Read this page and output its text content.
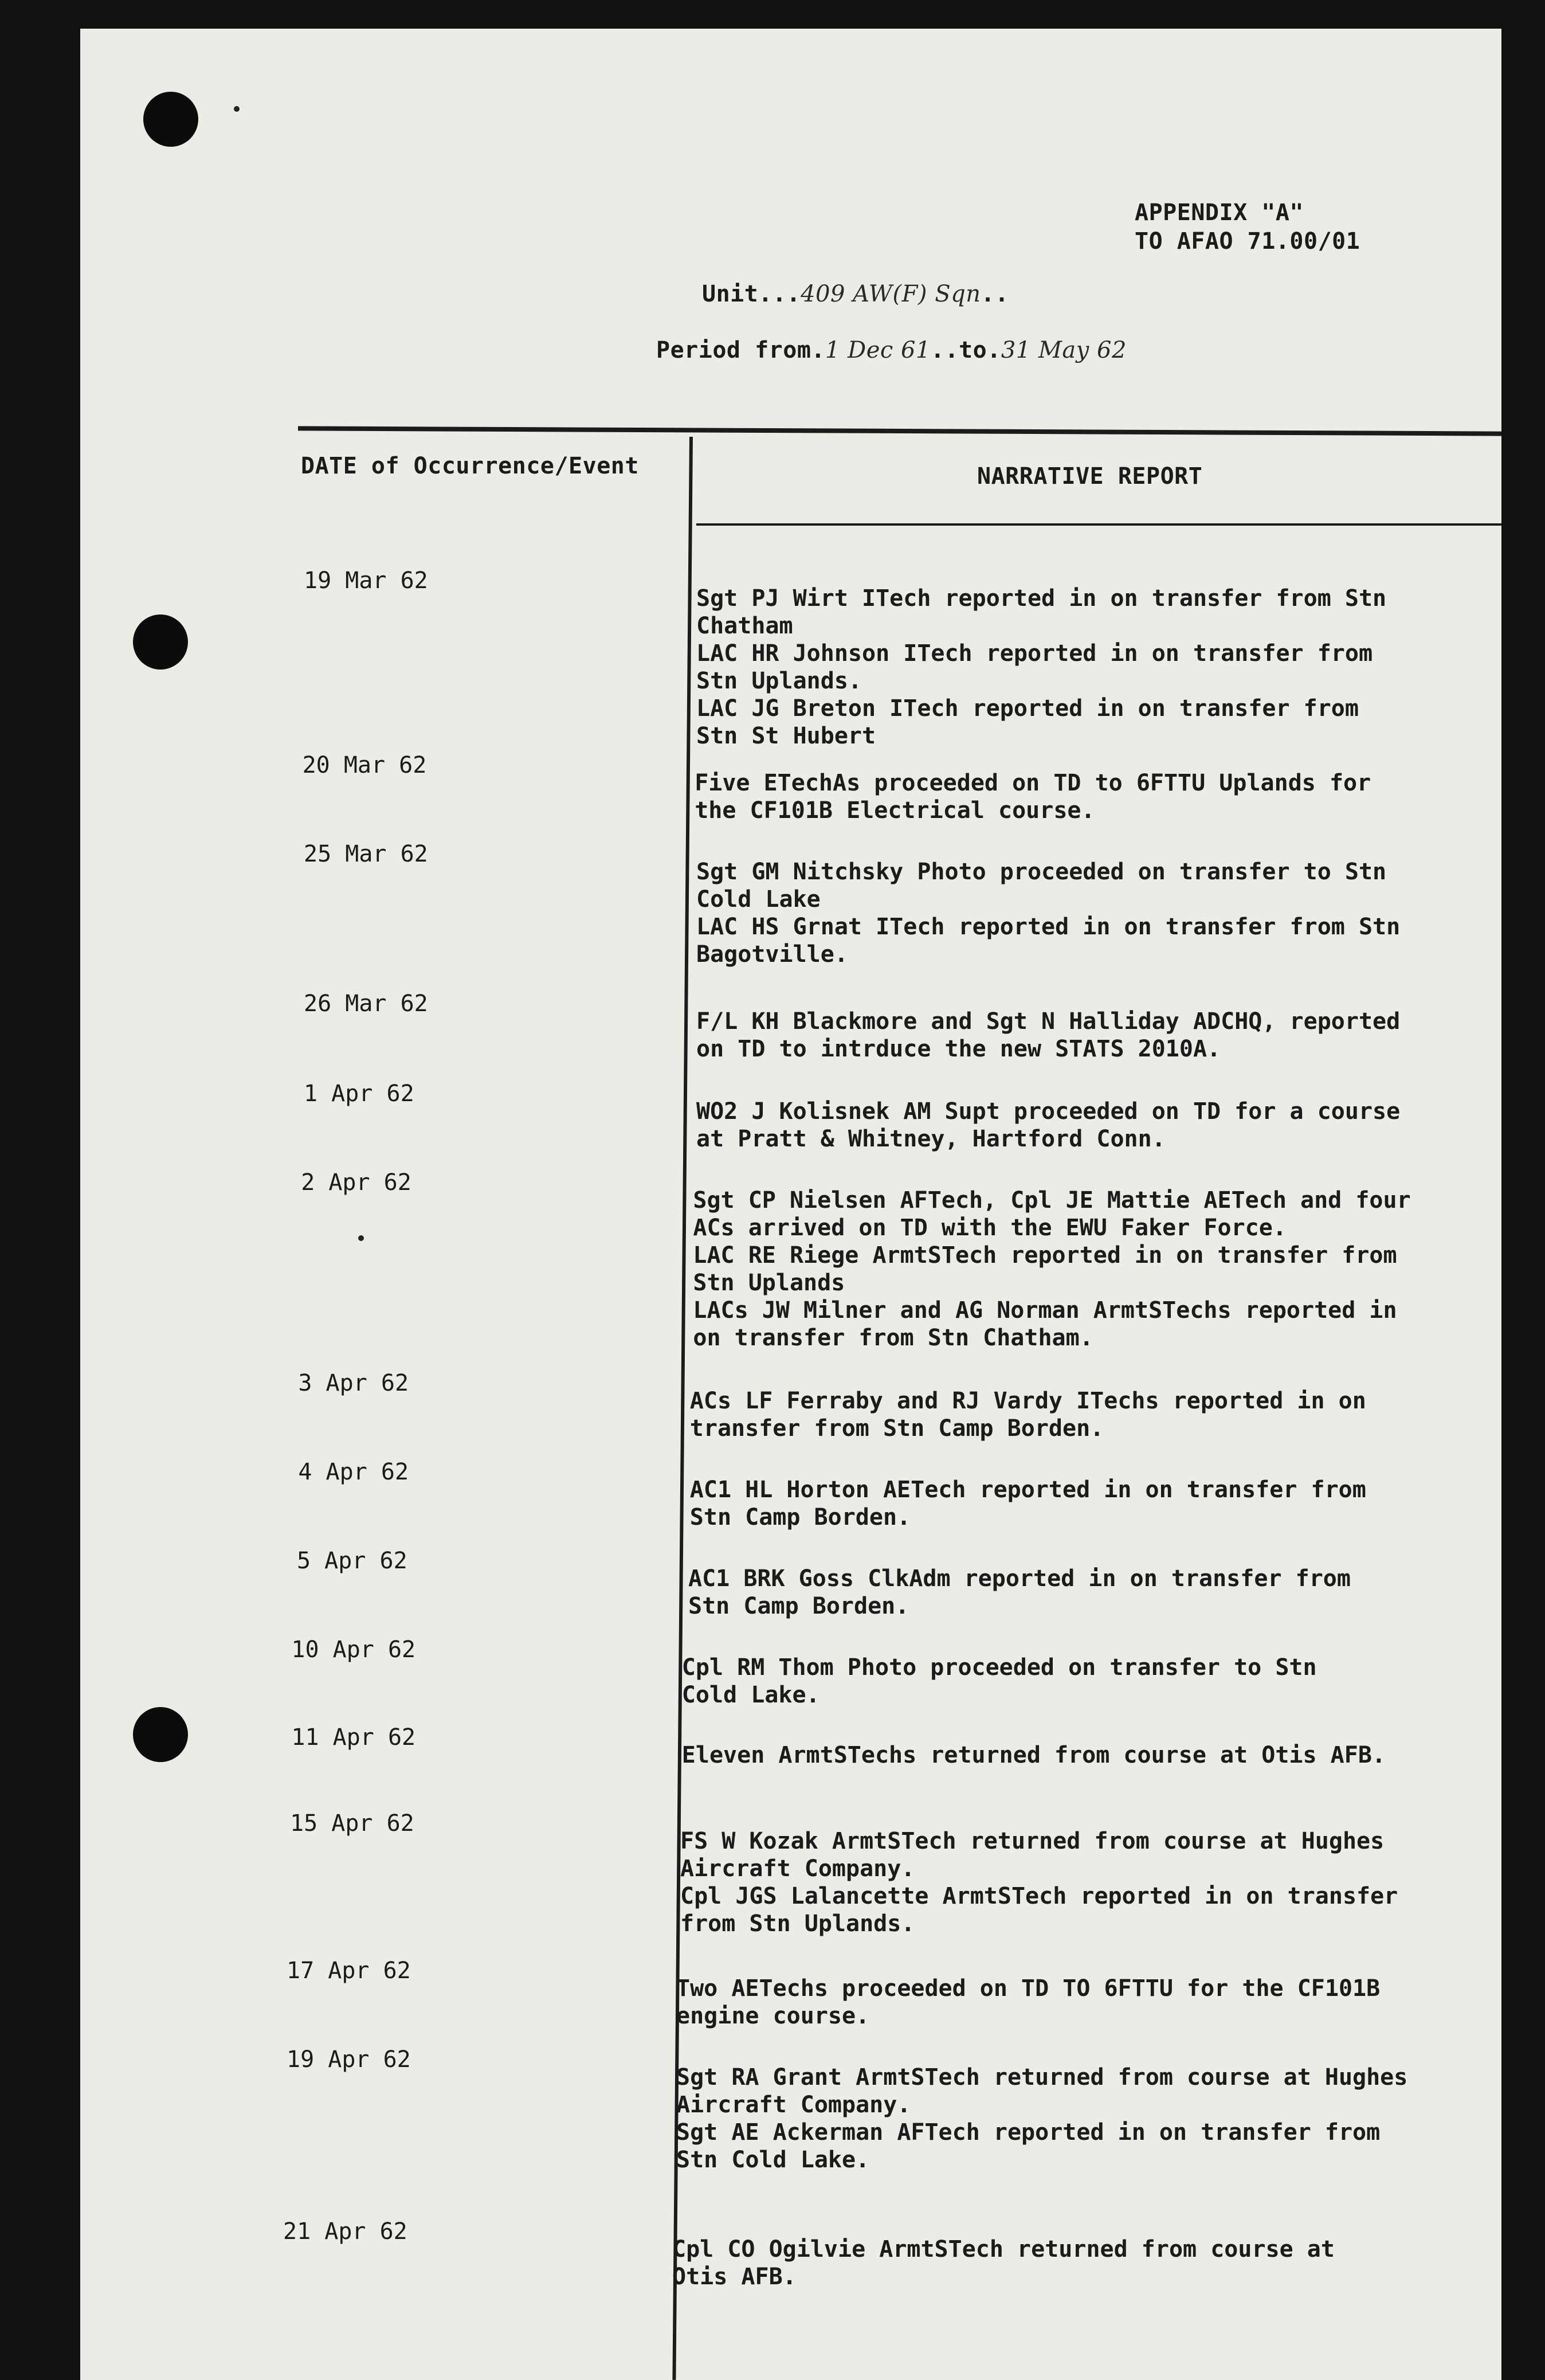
APPENDIX "A"
TO AFAO 71.00/01
Unit...409 AW(F) Sqn..
Period from.1 Dec 61..to.31 May 62
DATE of Occurrence/Event	NARRATIVE REPORT
19 Mar 62
Sgt PJ Wirt ITech reported in on transfer from Stn
Chatham
LAC HR Johnson ITech reported in on transfer from
Stn Uplands.
LAC JG Breton ITech reported in on transfer from
Stn St Hubert
20 Mar 62
Five ETechAs proceeded on TD to 6FTTU Uplands for
the CF101B Electrical course.
25 Mar 62
Sgt GM Nitchsky Photo proceeded on transfer to Stn
Cold Lake
LAC HS Grnat ITech reported in on transfer from Stn
Bagotville.
26 Mar 62
F/L KH Blackmore and Sgt N Halliday ADCHQ, reported
on TD to intrduce the new STATS 2010A.
1 Apr 62
WO2 J Kolisnek AM Supt proceeded on TD for a course
at Pratt & Whitney, Hartford Conn.
2 Apr 62
Sgt CP Nielsen AFTech, Cpl JE Mattie AETech and four
ACs arrived on TD with the EWU Faker Force.
LAC RE Riege ArmtSTech reported in on transfer from
Stn Uplands
LACs JW Milner and AG Norman ArmtSTechs reported in
on transfer from Stn Chatham.
3 Apr 62
ACs LF Ferraby and RJ Vardy ITechs reported in on
transfer from Stn Camp Borden.
4 Apr 62
AC1 HL Horton AETech reported in on transfer from
Stn Camp Borden.
5 Apr 62
AC1 BRK Goss ClkAdm reported in on transfer from
Stn Camp Borden.
10 Apr 62
Cpl RM Thom Photo proceeded on transfer to Stn
Cold Lake.
11 Apr 62
Eleven ArmtSTechs returned from course at Otis AFB.
15 Apr 62
FS W Kozak ArmtSTech returned from course at Hughes
Aircraft Company.
Cpl JGS Lalancette ArmtSTech reported in on transfer
from Stn Uplands.
17 Apr 62
Two AETechs proceeded on TD TO 6FTTU for the CF101B
engine course.
19 Apr 62
Sgt RA Grant ArmtSTech returned from course at Hughes
Aircraft Company.
Sgt AE Ackerman AFTech reported in on transfer from
Stn Cold Lake.
21 Apr 62
Cpl CO Ogilvie ArmtSTech returned from course at
Otis AFB.
